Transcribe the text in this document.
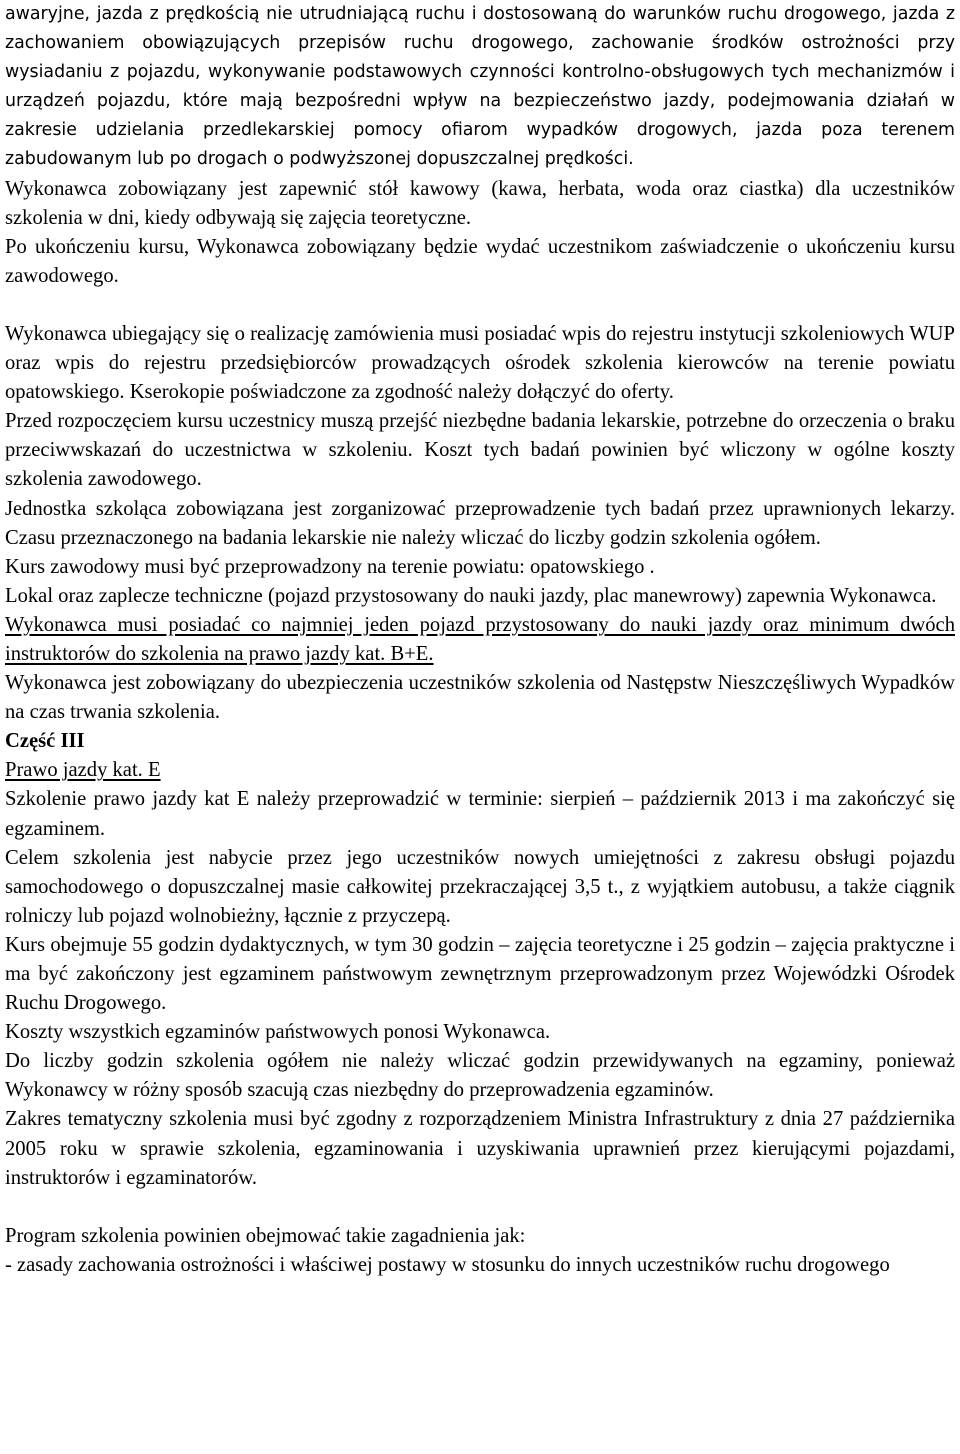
awaryjne, jazda z prędkością nie utrudniającą ruchu i dostosowaną do warunków ruchu drogowego, jazda z zachowaniem obowiązujących przepisów ruchu drogowego, zachowanie środków ostrożności przy wysiadaniu z pojazdu, wykonywanie podstawowych czynności kontrolno-obsługowych tych mechanizmów i urządzeń pojazdu, które mają bezpośredni wpływ na bezpieczeństwo jazdy, podejmowania działań w zakresie udzielania przedlekarskiej pomocy ofiarom wypadków drogowych, jazda poza terenem zabudowanym lub po drogach o podwyższonej dopuszczalnej prędkości.

Wykonawca zobowiązany jest zapewnić stół kawowy (kawa, herbata, woda oraz ciastka) dla uczestników szkolenia w dni, kiedy odbywają się zajęcia teoretyczne.

Po ukończeniu kursu, Wykonawca zobowiązany będzie wydać uczestnikom zaświadczenie o ukończeniu kursu zawodowego.

Wykonawca ubiegający się o realizację zamówienia musi posiadać wpis do rejestru instytucji szkoleniowych WUP oraz wpis do rejestru przedsiębiorców prowadzących ośrodek szkolenia kierowców na terenie powiatu opatowskiego. Kserokopie poświadczone za zgodność należy dołączyć do oferty.

Przed rozpoczęciem kursu uczestnicy muszą przejść niezbędne badania lekarskie, potrzebne do orzeczenia o braku przeciwwskazań do uczestnictwa w szkoleniu. Koszt tych badań powinien być wliczony w ogólne koszty szkolenia zawodowego.

Jednostka szkoląca zobowiązana jest zorganizować przeprowadzenie tych badań przez uprawnionych lekarzy. Czasu przeznaczonego na badania lekarskie nie należy wliczać do liczby godzin szkolenia ogółem.

Kurs zawodowy musi być przeprowadzony na terenie powiatu: opatowskiego .

Lokal oraz zaplecze techniczne (pojazd przystosowany do nauki jazdy, plac manewrowy) zapewnia Wykonawca.

Wykonawca musi posiadać co najmniej jeden pojazd przystosowany do nauki jazdy oraz minimum dwóch instruktorów do szkolenia na prawo jazdy kat. B+E.

Wykonawca jest zobowiązany do ubezpieczenia uczestników szkolenia od Następstw Nieszczęśliwych Wypadków na czas trwania szkolenia.

Część III

Prawo jazdy kat. E

Szkolenie prawo jazdy kat E należy przeprowadzić w terminie: sierpień – październik 2013 i ma zakończyć się egzaminem.

Celem szkolenia jest nabycie przez jego uczestników nowych umiejętności z zakresu obsługi pojazdu samochodowego o dopuszczalnej masie całkowitej przekraczającej 3,5 t., z wyjątkiem autobusu, a także ciągnik rolniczy lub pojazd wolnobieżny, łącznie z przyczepą.

Kurs obejmuje 55 godzin dydaktycznych, w tym 30 godzin – zajęcia teoretyczne i 25 godzin – zajęcia praktyczne i ma być zakończony jest egzaminem państwowym zewnętrznym przeprowadzonym przez Wojewódzki Ośrodek Ruchu Drogowego.

Koszty wszystkich egzaminów państwowych ponosi Wykonawca.

Do liczby godzin szkolenia ogółem nie należy wliczać godzin przewidywanych na egzaminy, ponieważ Wykonawcy w różny sposób szacują czas niezbędny do przeprowadzenia egzaminów.

Zakres tematyczny szkolenia musi być zgodny z rozporządzeniem Ministra Infrastruktury z dnia 27 października 2005 roku w sprawie szkolenia, egzaminowania i uzyskiwania uprawnień przez kierującymi pojazdami, instruktorów i egzaminatorów.

Program szkolenia powinien obejmować takie zagadnienia jak:

- zasady zachowania ostrożności i właściwej postawy w stosunku do innych uczestników ruchu drogowego
